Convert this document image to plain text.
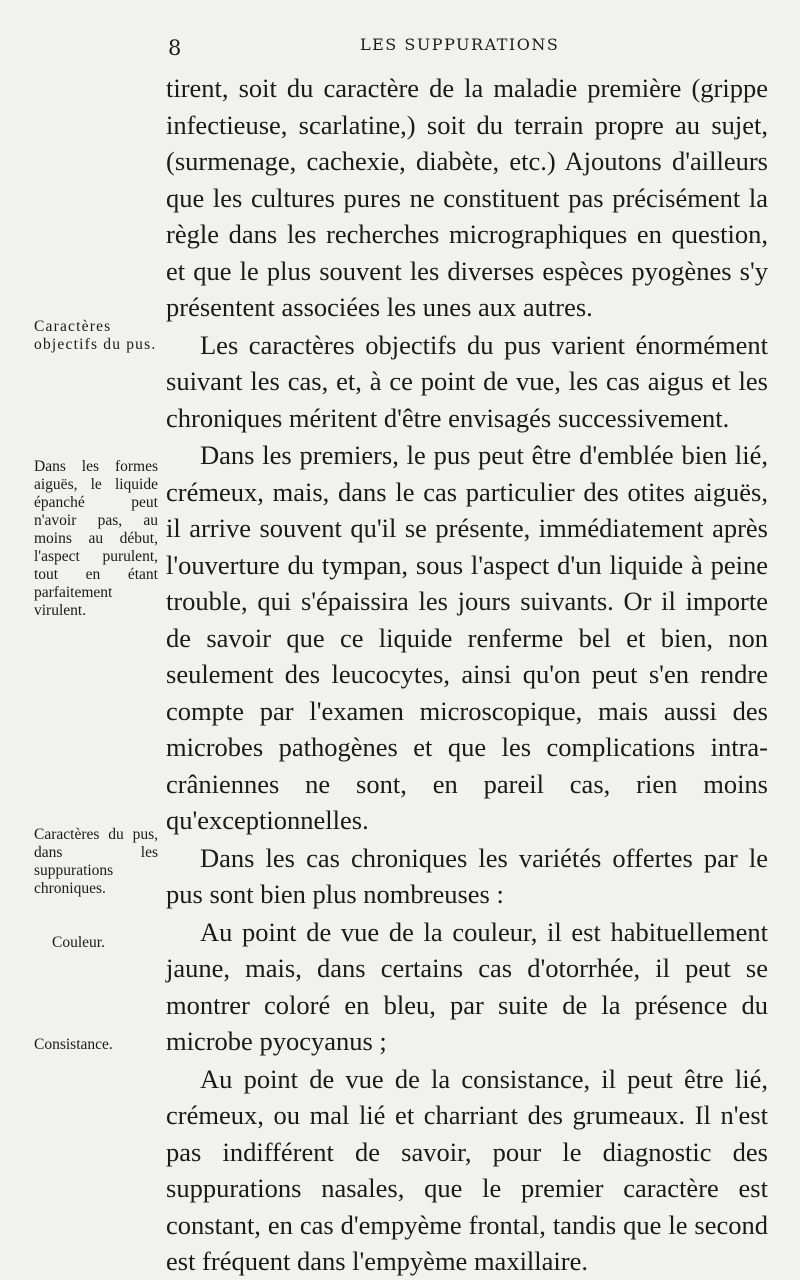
8	LES SUPPURATIONS
Caractères objectifs du pus.
Dans les formes aiguës, le liquide épanché peut n'avoir pas, au moins au début, l'aspect purulent, tout en étant parfaitement virulent.
Caractères du pus, dans les suppurations chroniques.
Couleur.
Consistance.

tirent, soit du caractère de la maladie première (grippe infectieuse, scarlatine,) soit du terrain propre au sujet, (surmenage, cachexie, diabète, etc.) Ajoutons d'ailleurs que les cultures pures ne constituent pas précisément la règle dans les recherches micrographiques en question, et que le plus souvent les diverses espèces pyogènes s'y présentent associées les unes aux autres.

Les caractères objectifs du pus varient énormément suivant les cas, et, à ce point de vue, les cas aigus et les chroniques méritent d'être envisagés successivement.

Dans les premiers, le pus peut être d'emblée bien lié, crémeux, mais, dans le cas particulier des otites aiguës, il arrive souvent qu'il se présente, immédiatement après l'ouverture du tympan, sous l'aspect d'un liquide à peine trouble, qui s'épaissira les jours suivants. Or il importe de savoir que ce liquide renferme bel et bien, non seulement des leucocytes, ainsi qu'on peut s'en rendre compte par l'examen microscopique, mais aussi des microbes pathogènes et que les complications intra-crâniennes ne sont, en pareil cas, rien moins qu'exceptionnelles.

Dans les cas chroniques les variétés offertes par le pus sont bien plus nombreuses :

Au point de vue de la couleur, il est habituellement jaune, mais, dans certains cas d'otorrhée, il peut se montrer coloré en bleu, par suite de la présence du microbe pyocyanus ;

Au point de vue de la consistance, il peut être lié, crémeux, ou mal lié et charriant des grumeaux. Il n'est pas indifférent de savoir, pour le diagnostic des suppurations nasales, que le premier caractère est constant, en cas d'empyème frontal, tandis que le second est fréquent dans l'empyème maxillaire.
